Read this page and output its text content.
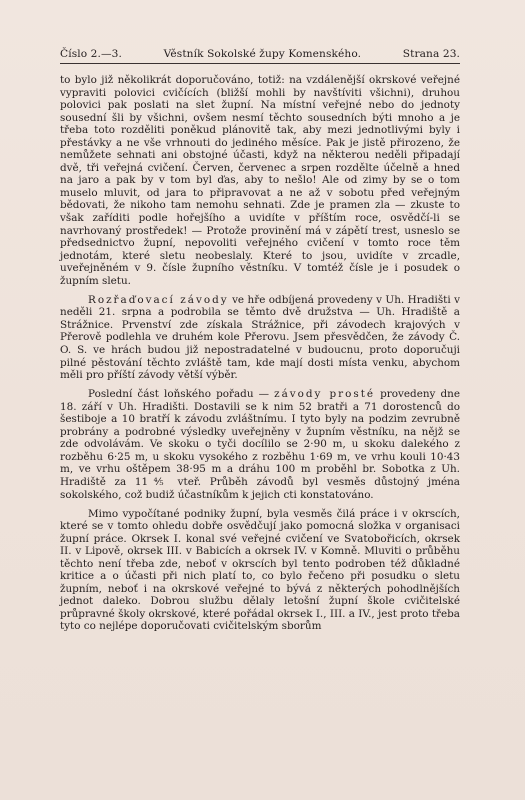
Číslo 2.—3.	Věstník Sokolské župy Komenského.	Strana 23.

to bylo již několikrát doporučováno, totiž: na vzdálenější okrskové veřejné vypraviti polovici cvičících (bližší mohli by navštíviti všichni), druhou polovici pak poslati na slet župní. Na místní veřejné nebo do jednoty sousední šli by všichni, ovšem nesmí těchto sousedních býti mnoho a je třeba toto rozděliti poněkud plánovitě tak, aby mezi jednotlivými byly i přestávky a ne vše vrhnouti do jediného měsíce. Pak je jistě přirozeno, že nemůžete sehnati ani obstojné účasti, když na některou neděli připadají dvě, tři veřejná cvičení. Červen, červenec a srpen rozdělte účelně a hned na jaro a pak by v tom byl ďas, aby to nešlo! Ale od zimy by se o tom muselo mluvit, od jara to připravovat a ne až v sobotu před veřejným bědovati, že nikoho tam nemohu sehnati. Zde je pramen zla — zkuste to však zaříditi podle hořejšího a uvidíte v příštím roce, osvědčí-li se navrhovaný prostředek! — Protože provinění má v zápětí trest, usneslo se předsednictvo župní, nepovoliti veřejného cvičení v tomto roce těm jednotám, které sletu neobeslaly. Které to jsou, uvidíte v zrcadle, uveřejněném v 9. čísle župního věstníku. V tomtéž čísle je i posudek o župním sletu.

Rozřaďovací závody ve hře odbíjená provedeny v Uh. Hradišti v neděli 21. srpna a podrobila se těmto dvě družstva — Uh. Hradiště a Strážnice. Prvenství zde získala Strážnice, při závodech krajových v Přerově podlehla ve druhém kole Přerovu. Jsem přesvědčen, že závody Č. O. S. ve hrách budou již nepostradatelné v budoucnu, proto doporučuji pilné pěstování těchto zvláště tam, kde mají dosti místa venku, abychom měli pro příští závody větší výběr.

Poslední část loňského pořadu — závody prosté provedeny dne 18. září v Uh. Hradišti. Dostavili se k nim 52 bratři a 71 dorostenců do šestiboje a 10 bratří k závodu zvláštnímu. I tyto byly na podzim zevrubně probrány a podrobné výsledky uveřejněny v župním věstníku, na nějž se zde odvolávám. Ve skoku o tyči docílilo se 2·90 m, u skoku dalekého z rozběhu 6·25 m, u skoku vysokého z rozběhu 1·69 m, ve vrhu kouli 10·43 m, ve vrhu oštěpem 38·95 m a dráhu 100 m proběhl br. Sobotka z Uh. Hradiště za 11⅘ vteř. Průběh závodů byl vesměs důstojný jména sokolského, což budiž účastníkům k jejich cti konstatováno.

Mimo vypočítané podniky župní, byla vesměs čilá práce i v okrscích, které se v tomto ohledu dobře osvědčují jako pomocná složka v organisaci župní práce. Okrsek I. konal své veřejné cvičení ve Svatobořicích, okrsek II. v Lipově, okrsek III. v Babicích a okrsek IV. v Komně. Mluviti o průběhu těchto není třeba zde, neboť v okrscích byl tento podroben též důkladné kritice a o účasti při nich platí to, co bylo řečeno při posudku o sletu župním, neboť i na okrskové veřejné to bývá z některých pohodlnějších jednot daleko. Dobrou službu dělaly letošní župní škole cvičitelské průpravné školy okrskové, které pořádal okrsek I., III. a IV., jest proto třeba tyto co nejlépe doporučovati cvičitelským sborům
